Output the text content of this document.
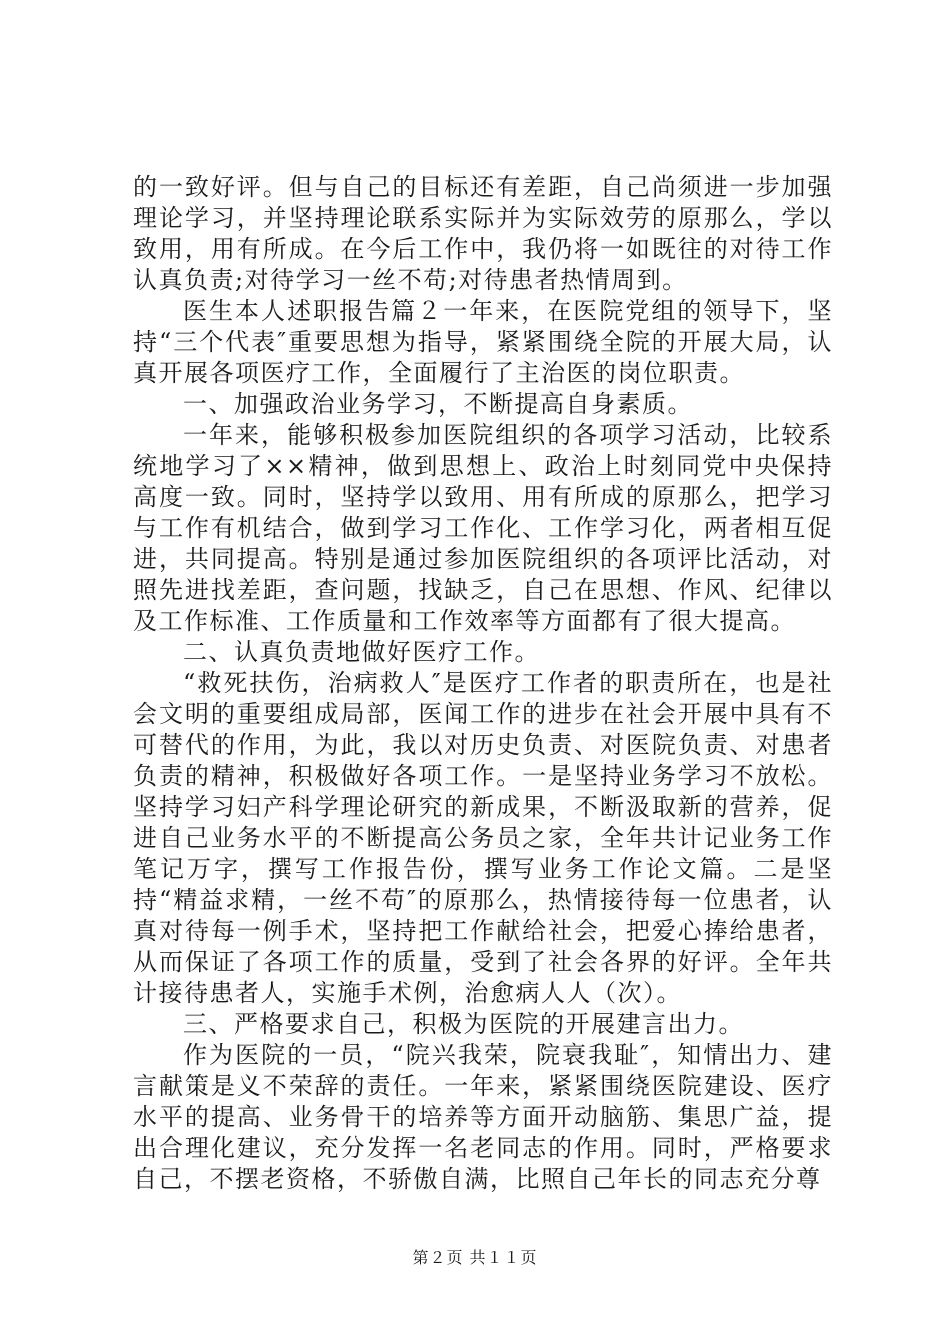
的一致好评。但与自己的目标还有差距，自己尚须进一步加强理论学习，并坚持理论联系实际并为实际效劳的原那么，学以致用，用有所成。在今后工作中，我仍将一如既往的对待工作认真负责;对待学习一丝不苟;对待患者热情周到。

医生本人述职报告篇２一年来，在医院党组的领导下，坚持“三个代表″重要思想为指导，紧紧围绕全院的开展大局，认真开展各项医疗工作，全面履行了主治医的岗位职责。

一、加强政治业务学习，不断提高自身素质。

一年来，能够积极参加医院组织的各项学习活动，比较系统地学习了××精神，做到思想上、政治上时刻同党中央保持高度一致。同时，坚持学以致用、用有所成的原那么，把学习与工作有机结合，做到学习工作化、工作学习化，两者相互促进，共同提高。特别是通过参加医院组织的各项评比活动，对照先进找差距，查问题，找缺乏，自己在思想、作风、纪律以及工作标准、工作质量和工作效率等方面都有了很大提高。

二、认真负责地做好医疗工作。

“救死扶伤，治病救人″是医疗工作者的职责所在，也是社会文明的重要组成局部，医闻工作的进步在社会开展中具有不可替代的作用，为此，我以对历史负责、对医院负责、对患者负责的精神，积极做好各项工作。一是坚持业务学习不放松。坚持学习妇产科学理论研究的新成果，不断汲取新的营养，促进自己业务水平的不断提高公务员之家，全年共计记业务工作笔记万字，撰写工作报告份，撰写业务工作论文篇。二是坚持“精益求精，一丝不苟″的原那么，热情接待每一位患者，认真对待每一例手术，坚持把工作献给社会，把爱心捧给患者，从而保证了各项工作的质量，受到了社会各界的好评。全年共计接待患者人，实施手术例，治愈病人人（次）。

三、严格要求自己，积极为医院的开展建言出力。

作为医院的一员，“院兴我荣，院衰我耻″，知情出力、建言献策是义不荣辞的责任。一年来，紧紧围绕医院建设、医疗水平的提高、业务骨干的培养等方面开动脑筋、集思广益，提出合理化建议，充分发挥一名老同志的作用。同时，严格要求自己，不摆老资格，不骄傲自满，比照自己年长的同志充分尊

第２页 共１１页
